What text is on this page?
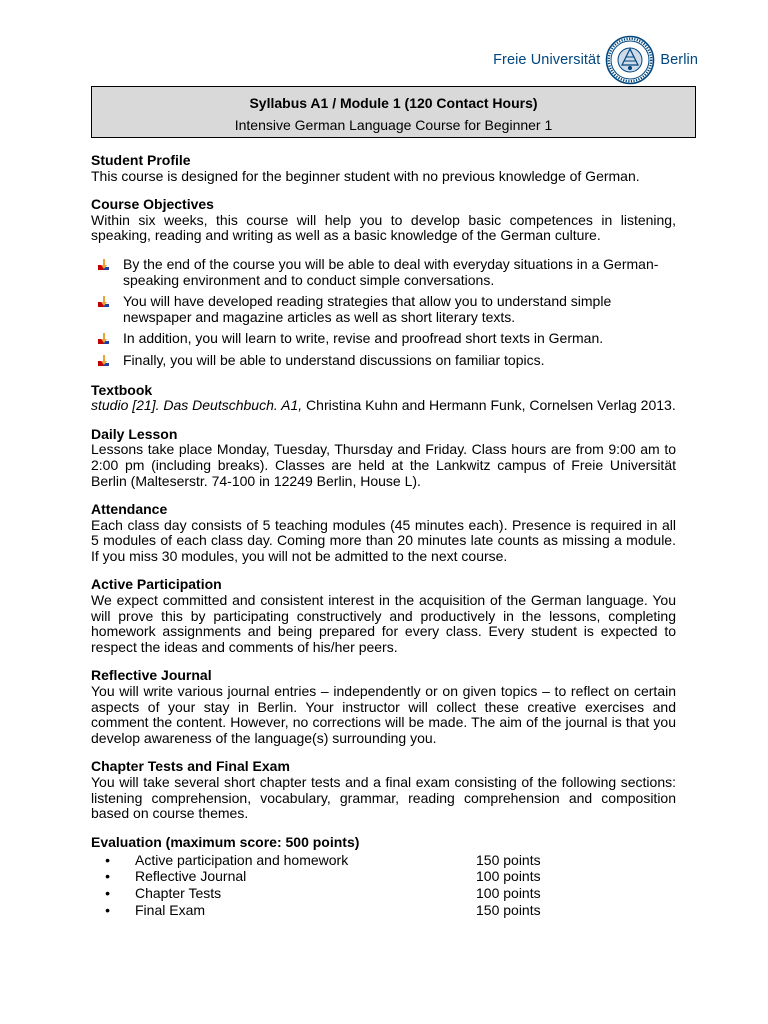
Freie Universität	Berlin
Syllabus A1 / Module 1 (120 Contact Hours)
Intensive German Language Course for Beginner 1
Student Profile
This course is designed for the beginner student with no previous knowledge of German.
Course Objectives
Within six weeks, this course will help you to develop basic competences in listening, speaking, reading and writing as well as a basic knowledge of the German culture.
By the end of the course you will be able to deal with everyday situations in a German-speaking environment and to conduct simple conversations.
You will have developed reading strategies that allow you to understand simple newspaper and magazine articles as well as short literary texts.
In addition, you will learn to write, revise and proofread short texts in German.
Finally, you will be able to understand discussions on familiar topics.
Textbook
studio [21]. Das Deutschbuch. A1, Christina Kuhn and Hermann Funk, Cornelsen Verlag 2013.
Daily Lesson
Lessons take place Monday, Tuesday, Thursday and Friday. Class hours are from 9:00 am to 2:00 pm (including breaks). Classes are held at the Lankwitz campus of Freie Universität Berlin (Malteserstr. 74-100 in 12249 Berlin, House L).
Attendance
Each class day consists of 5 teaching modules (45 minutes each). Presence is required in all 5 modules of each class day. Coming more than 20 minutes late counts as missing a module. If you miss 30 modules, you will not be admitted to the next course.
Active Participation
We expect committed and consistent interest in the acquisition of the German language. You will prove this by participating constructively and productively in the lessons, completing homework assignments and being prepared for every class. Every student is expected to respect the ideas and comments of his/her peers.
Reflective Journal
You will write various journal entries – independently or on given topics – to reflect on certain aspects of your stay in Berlin. Your instructor will collect these creative exercises and comment the content. However, no corrections will be made. The aim of the journal is that you develop awareness of the language(s) surrounding you.
Chapter Tests and Final Exam
You will take several short chapter tests and a final exam consisting of the following sections: listening comprehension, vocabulary, grammar, reading comprehension and composition based on course themes.
Evaluation (maximum score: 500 points)
•
Active participation and homework	150 points
•
Reflective Journal	100 points
•
Chapter Tests	100 points
•
Final Exam	150 points
